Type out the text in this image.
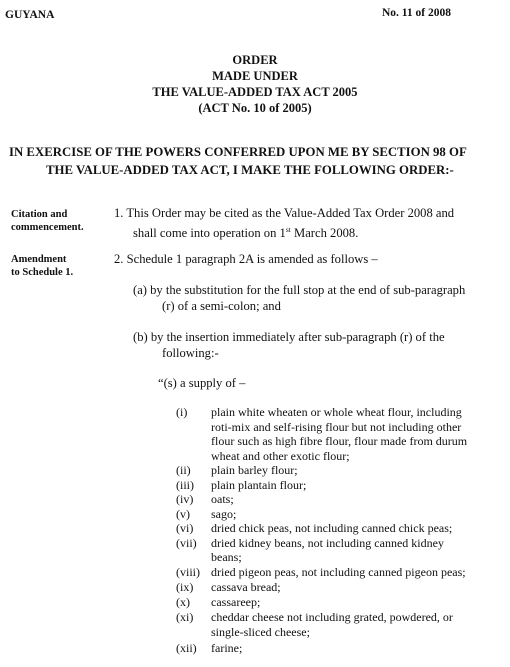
GUYANA	No. 11 of 2008
ORDER
MADE UNDER
THE VALUE-ADDED TAX ACT 2005
(ACT No. 10 of 2005)
IN EXERCISE OF THE POWERS CONFERRED UPON ME BY SECTION 98 OF
THE VALUE-ADDED TAX ACT, I MAKE THE FOLLOWING ORDER:-
Citation and
commencement.
1. This Order may be cited as the Value-Added Tax Order 2008 and
shall come into operation on 1st March 2008.
Amendment
to Schedule 1.
2. Schedule 1 paragraph 2A is amended as follows –
(a) by the substitution for the full stop at the end of sub-paragraph
(r) of a semi-colon; and
(b) by the insertion immediately after sub-paragraph (r) of the
following:-
“(s) a supply of –
(i) plain white wheaten or whole wheat flour, including
roti-mix and self-rising flour but not including other
flour such as high fibre flour, flour made from durum
wheat and other exotic flour;
(ii) plain barley flour;
(iii) plain plantain flour;
(iv) oats;
(v) sago;
(vi) dried chick peas, not including canned chick peas;
(vii) dried kidney beans, not including canned kidney
beans;
(viii) dried pigeon peas, not including canned pigeon peas;
(ix) cassava bread;
(x) cassareep;
(xi) cheddar cheese not including grated, powdered, or
single-sliced cheese;
(xii) farine;
